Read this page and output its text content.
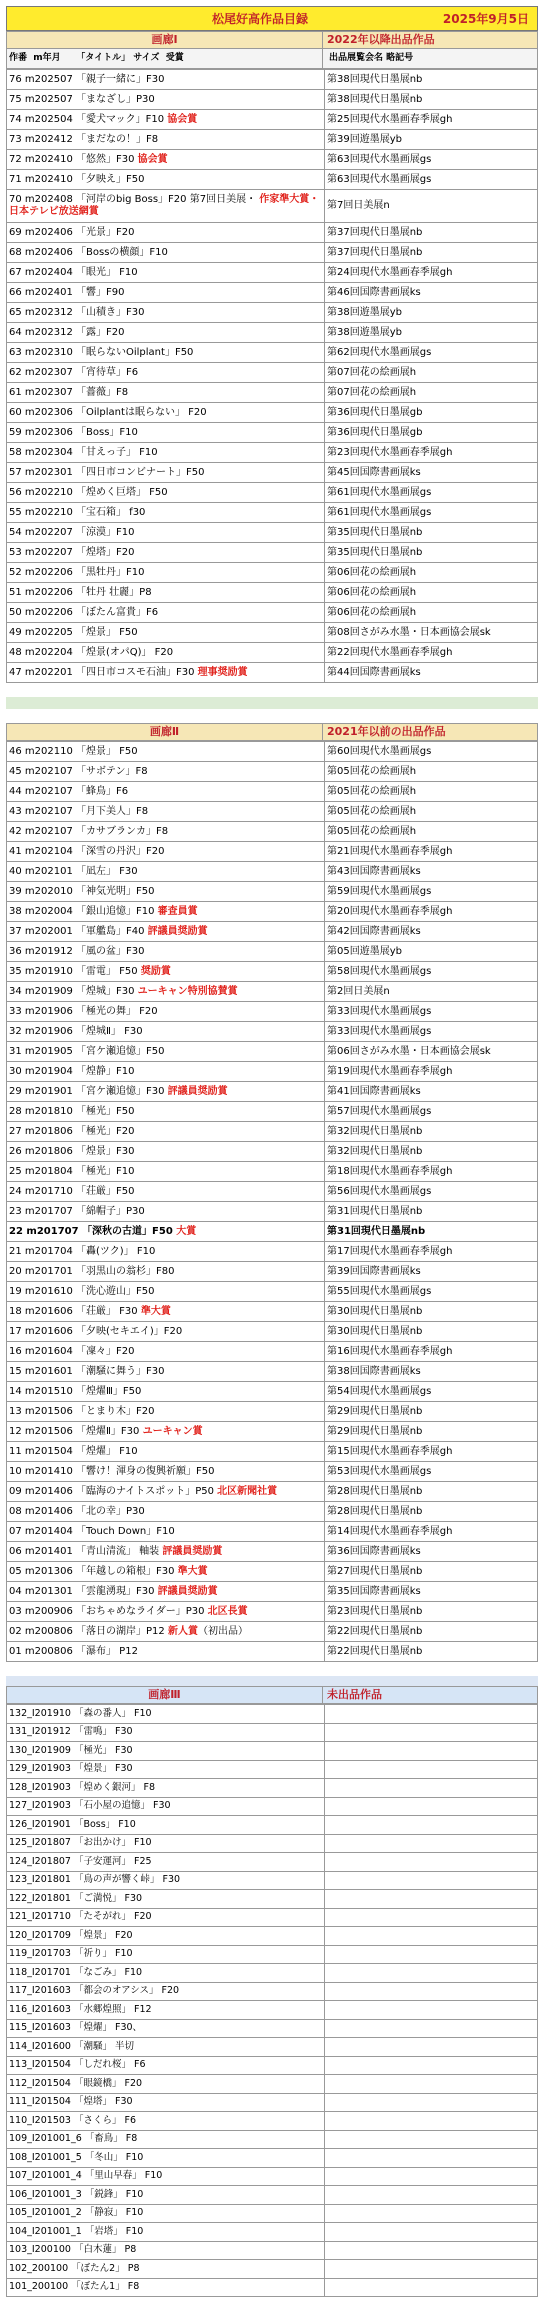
松尾好高作品目録	2025年9月5日
画廊Ⅰ	2022年以降出品作品
作番  m年月     「タイトル」 サイズ  受賞	出品展覧会名 略記号
76 m202507 「親子一緒に」F30	第38回現代日墨展nb
75 m202507 「まなざし」P30	第38回現代日墨展nb
74 m202504 「愛犬マック」F10 協会賞	第25回現代水墨画春季展gh
73 m202412 「まだなの！」F8	第39回遊墨展yb
72 m202410 「悠然」F30 協会賞	第63回現代水墨画展gs
71 m202410 「夕映え」F50	第63回現代水墨画展gs
70 m202408 「河岸のbig Boss」F20 第7回日美展・ 作家準大賞・日本テレビ放送網賞	第7回日美展n
69 m202406 「光景」F20	第37回現代日墨展nb
68 m202406 「Bossの横顔」F10	第37回現代日墨展nb
67 m202404 「眼光」 F10	第24回現代水墨画春季展gh
66 m202401 「響」F90	第46回国際書画展ks
65 m202312 「山積き」F30	第38回遊墨展yb
64 m202312 「露」F20	第38回遊墨展yb
63 m202310 「眠らないOilplant」F50	第62回現代水墨画展gs
62 m202307 「宵待草」F6	第07回花の絵画展h
61 m202307 「薔薇」F8	第07回花の絵画展h
60 m202306 「Oilplantは眠らない」 F20	第36回現代日墨展gb
59 m202306 「Boss」F10	第36回現代日墨展gb
58 m202304 「甘えっ子」 F10	第23回現代水墨画春季展gh
57 m202301 「四日市コンビナート」F50	第45回国際書画展ks
56 m202210 「煌めく巨塔」 F50	第61回現代水墨画展gs
55 m202210 「宝石箱」 f30	第61回現代水墨画展gs
54 m202207 「涼漠」F10	第35回現代日墨展nb
53 m202207 「煌塔」F20	第35回現代日墨展nb
52 m202206 「黒牡丹」F10	第06回花の絵画展h
51 m202206 「牡丹 壮麗」P8	第06回花の絵画展h
50 m202206 「ぼたん富貴」F6	第06回花の絵画展h
49 m202205 「煌景」 F50	第08回さがみ水墨・日本画協会展sk
48 m202204 「煌景(オパQ)」 F20	第22回現代水墨画春季展gh
47 m202201 「四日市コスモ石油」F30 理事奨励賞	第44回国際書画展ks
画廊Ⅱ	2021年以前の出品作品
46 m202110 「煌景」 F50	第60回現代水墨画展gs
45 m202107 「サボテン」F8	第05回花の絵画展h
44 m202107 「蜂鳥」F6	第05回花の絵画展h
43 m202107 「月下美人」F8	第05回花の絵画展h
42 m202107 「カサブランカ」F8	第05回花の絵画展h
41 m202104 「深雪の丹沢」F20	第21回現代水墨画春季展gh
40 m202101 「凪左」 F30	第43回国際書画展ks
39 m202010 「神気光明」F50	第59回現代水墨画展gs
38 m202004 「銀山追憶」F10 審査員賞	第20回現代水墨画春季展gh
37 m202001 「軍艦島」F40 評議員奨励賞	第42回国際書画展ks
36 m201912 「風の盆」F30	第05回遊墨展yb
35 m201910 「雷電」 F50 奨励賞	第58回現代水墨画展gs
34 m201909 「煌城」F30 ユーキャン特別協賛賞	第2回日美展n
33 m201906 「極光の舞」 F20	第33回現代水墨画展gs
32 m201906 「煌城Ⅱ」 F30	第33回現代水墨画展gs
31 m201905 「宮ケ瀬追憶」F50	第06回さがみ水墨・日本画協会展sk
30 m201904 「煌静」F10	第19回現代水墨画春季展gh
29 m201901 「宮ケ瀬追憶」F30 評議員奨励賞	第41回国際書画展ks
28 m201810 「極光」F50	第57回現代水墨画展gs
27 m201806 「極光」F20	第32回現代日墨展nb
26 m201806 「煌景」F30	第32回現代日墨展nb
25 m201804 「極光」F10	第18回現代水墨画春季展gh
24 m201710 「荘厳」F50	第56回現代水墨画展gs
23 m201707 「綿帽子」P30	第31回現代日墨展nb
22 m201707 「深秋の古道」F50 大賞	第31回現代日墨展nb
21 m201704 「轟(ツク)」 F10	第17回現代水墨画春季展gh
20 m201701 「羽黒山の翁杉」F80	第39回国際書画展ks
19 m201610 「洗心遊山」F50	第55回現代水墨画展gs
18 m201606 「荘厳」 F30 準大賞	第30回現代日墨展nb
17 m201606 「夕映(セキエイ)」F20	第30回現代日墨展nb
16 m201604 「凜々」F20	第16回現代水墨画春季展gh
15 m201601 「潮騒に舞う」F30	第38回国際書画展ks
14 m201510 「煌燿Ⅲ」F50	第54回現代水墨画展gs
13 m201506 「とまり木」F20	第29回現代日墨展nb
12 m201506 「煌燿Ⅱ」F30 ユーキャン賞	第29回現代日墨展nb
11 m201504 「煌燿」 F10	第15回現代水墨画春季展gh
10 m201410 「響け！渾身の復興祈願」F50	第53回現代水墨画展gs
09 m201406 「臨海のナイトスポット」P50 北区新聞社賞	第28回現代日墨展nb
08 m201406 「北の幸」P30	第28回現代日墨展nb
07 m201404 「Touch Down」F10	第14回現代水墨画春季展gh
06 m201401 「青山清流」 軸装 評議員奨励賞	第36回国際書画展ks
05 m201306 「年越しの箱根」F30 準大賞	第27回現代日墨展nb
04 m201301 「雲龍湧現」F30 評議員奨励賞	第35回国際書画展ks
03 m200906 「おちゃめなライダー」P30 北区長賞	第23回現代日墨展nb
02 m200806 「落日の湖岸」P12 新人賞（初出品）	第22回現代日墨展nb
01 m200806 「瀑布」 P12	第22回現代日墨展nb
画廊Ⅲ	未出品作品
132_I201910 「森の番人」 F10	
131_I201912 「雷鳴」 F30	
130_I201909 「極光」 F30	
129_I201903 「煌景」 F30	
128_I201903 「煌めく銀河」 F8	
127_I201903 「石小屋の追憶」 F30	
126_I201901 「Boss」 F10	
125_I201807 「お出かけ」 F10	
124_I201807 「子安運河」 F25	
123_I201801 「鳥の声が響く峠」 F30	
122_I201801 「ご満悦」 F30	
121_I201710 「たそがれ」 F20	
120_I201709 「煌景」 F20	
119_I201703 「祈り」 F10	
118_I201701 「なごみ」 F10	
117_I201603 「都会のオアシス」 F20	
116_I201603 「水郷煌照」 F12	
115_I201603 「煌燿」 F30、	
114_I201600 「潮騒」 半切	
113_I201504 「しだれ桜」 F6	
112_I201504 「眼鏡橋」 F20	
111_I201504 「煌塔」 F30	
110_I201503 「さくら」 F6	
109_I201001_6 「畜鳥」 F8	
108_I201001_5 「冬山」 F10	
107_I201001_4 「里山早春」 F10	
106_I201001_3 「鋭鋒」 F10	
105_I201001_2 「静寂」 F10	
104_I201001_1 「岩塔」 F10	
103_I200100 「白木蓮」 P8	
102_200100 「ぼたん2」 P8	
101_200100 「ぼたん1」 F8	
